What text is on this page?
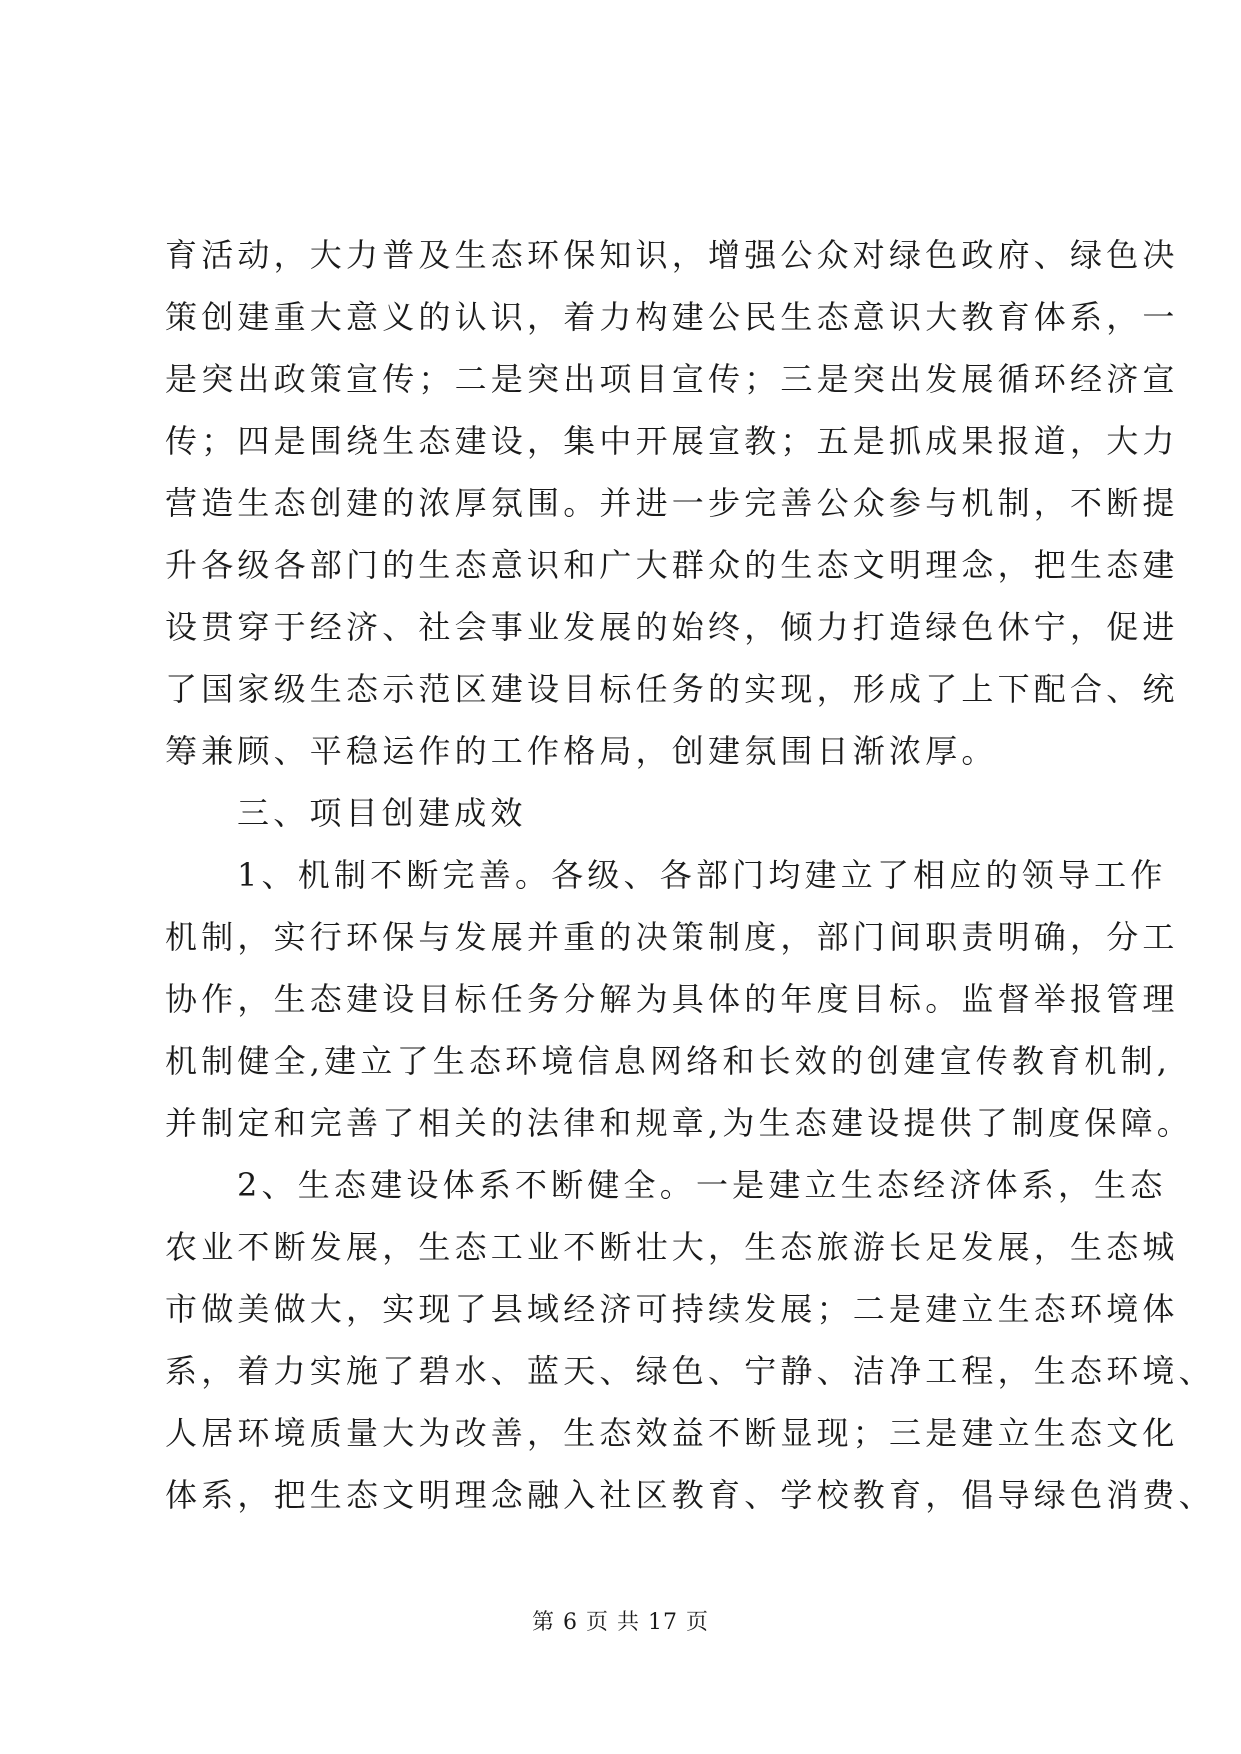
育活动，大力普及生态环保知识，增强公众对绿色政府、绿色决
策创建重大意义的认识，着力构建公民生态意识大教育体系，一
是突出政策宣传；二是突出项目宣传；三是突出发展循环经济宣
传；四是围绕生态建设，集中开展宣教；五是抓成果报道，大力
营造生态创建的浓厚氛围。并进一步完善公众参与机制，不断提
升各级各部门的生态意识和广大群众的生态文明理念，把生态建
设贯穿于经济、社会事业发展的始终，倾力打造绿色休宁，促进
了国家级生态示范区建设目标任务的实现，形成了上下配合、统
筹兼顾、平稳运作的工作格局，创建氛围日渐浓厚。
三、项目创建成效
1、机制不断完善。各级、各部门均建立了相应的领导工作
机制，实行环保与发展并重的决策制度，部门间职责明确，分工
协作，生态建设目标任务分解为具体的年度目标。监督举报管理
机制健全,建立了生态环境信息网络和长效的创建宣传教育机制,
并制定和完善了相关的法律和规章,为生态建设提供了制度保障。
2、生态建设体系不断健全。一是建立生态经济体系，生态
农业不断发展，生态工业不断壮大，生态旅游长足发展，生态城
市做美做大，实现了县域经济可持续发展；二是建立生态环境体
系，着力实施了碧水、蓝天、绿色、宁静、洁净工程，生态环境、
人居环境质量大为改善，生态效益不断显现；三是建立生态文化
体系，把生态文明理念融入社区教育、学校教育，倡导绿色消费、
第 6 页 共 17 页
